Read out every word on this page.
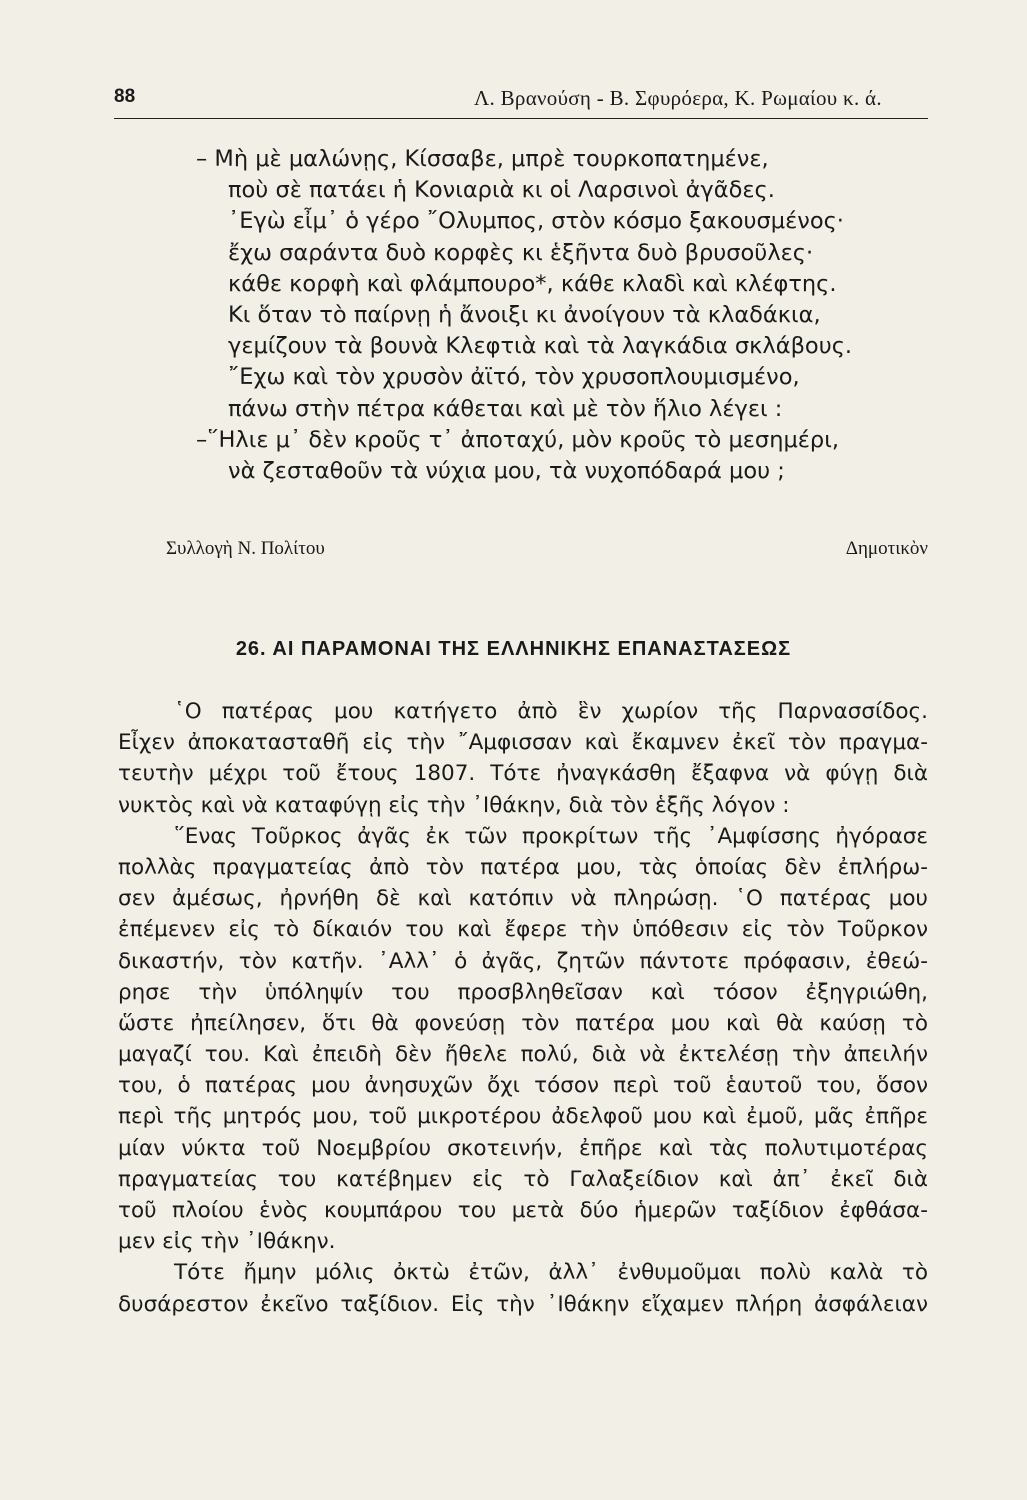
88	Λ. Βρανούση - Β. Σφυρόερα, Κ. Ρωμαίου κ. ά.
– Μὴ μὲ μαλώνῃς, Κίσσαβε, μπρὲ τουρκοπατημένε,
ποὺ σὲ πατάει ἡ Κονιαριὰ κι οἱ Λαρσινοὶ ἀγᾶδες.
᾿Εγὼ εἶμ᾿ ὁ γέρο ῎Ολυμπος, στὸν κόσμο ξακουσμένος·
ἔχω σαράντα δυὸ κορφὲς κι ἑξῆντα δυὸ βρυσοῦλες·
κάθε κορφὴ καὶ φλάμπουρο*, κάθε κλαδὶ καὶ κλέφτης.
Κι ὅταν τὸ παίρνῃ ἡ ἄνοιξι κι ἀνοίγουν τὰ κλαδάκια,
γεμίζουν τὰ βουνὰ Κλεφτιὰ καὶ τὰ λαγκάδια σκλάβους.
῎Εχω καὶ τὸν χρυσὸν ἀϊτό, τὸν χρυσοπλουμισμένο,
πάνω στὴν πέτρα κάθεται καὶ μὲ τὸν ἥλιο λέγει :
–῞Ηλιε μ᾿ δὲν κροῦς τ᾿ ἀποταχύ, μὸν κροῦς τὸ μεσημέρι,
νὰ ζεσταθοῦν τὰ νύχια μου, τὰ νυχοπόδαρά μου ;
Συλλογὴ Ν. Πολίτου	Δημοτικὸν
26. ΑΙ ΠΑΡΑΜΟΝΑΙ ΤΗΣ ΕΛΛΗΝΙΚΗΣ ΕΠΑΝΑΣΤΑΣΕΩΣ
῾Ο πατέρας μου κατήγετο ἀπὸ ἓν χωρίον τῆς Παρνασσίδος.
Εἶχεν ἀποκατασταθῆ εἰς τὴν ῎Αμφισσαν καὶ ἔκαμνεν ἐκεῖ τὸν πραγμα-
τευτὴν μέχρι τοῦ ἔτους 1807. Τότε ἠναγκάσθη ἔξαφνα νὰ φύγῃ διὰ
νυκτὸς καὶ νὰ καταφύγῃ εἰς τὴν ᾿Ιθάκην, διὰ τὸν ἑξῆς λόγον :
῞Ενας Τοῦρκος ἀγᾶς ἐκ τῶν προκρίτων τῆς ᾿Αμφίσσης ἠγόρασε
πολλὰς πραγματείας ἀπὸ τὸν πατέρα μου, τὰς ὁποίας δὲν ἐπλήρω-
σεν ἀμέσως, ἠρνήθη δὲ καὶ κατόπιν νὰ πληρώσῃ. ῾Ο πατέρας μου
ἐπέμενεν εἰς τὸ δίκαιόν του καὶ ἔφερε τὴν ὑπόθεσιν εἰς τὸν Τοῦρκον
δικαστήν, τὸν κατῆν. ᾿Αλλ᾿ ὁ ἀγᾶς, ζητῶν πάντοτε πρόφασιν, ἐθεώ-
ρησε τὴν ὑπόληψίν του προσβληθεῖσαν καὶ τόσον ἐξηγριώθη,
ὥστε ἠπείλησεν, ὅτι θὰ φονεύσῃ τὸν πατέρα μου καὶ θὰ καύσῃ τὸ
μαγαζί του. Καὶ ἐπειδὴ δὲν ἤθελε πολύ, διὰ νὰ ἐκτελέσῃ τὴν ἀπειλήν
του, ὁ πατέρας μου ἀνησυχῶν ὄχι τόσον περὶ τοῦ ἑαυτοῦ του, ὅσον
περὶ τῆς μητρός μου, τοῦ μικροτέρου ἀδελφοῦ μου καὶ ἐμοῦ, μᾶς ἐπῆρε
μίαν νύκτα τοῦ Νοεμβρίου σκοτεινήν, ἐπῆρε καὶ τὰς πολυτιμοτέρας
πραγματείας του κατέβημεν εἰς τὸ Γαλαξείδιον καὶ ἀπ᾿ ἐκεῖ διὰ
τοῦ πλοίου ἑνὸς κουμπάρου του μετὰ δύο ἡμερῶν ταξίδιον ἐφθάσα-
μεν εἰς τὴν ᾿Ιθάκην.
Τότε ἤμην μόλις ὀκτὼ ἐτῶν, ἀλλ᾿ ἐνθυμοῦμαι πολὺ καλὰ τὸ
δυσάρεστον ἐκεῖνο ταξίδιον. Εἰς τὴν ᾿Ιθάκην εἴχαμεν πλήρη ἀσφάλειαν
